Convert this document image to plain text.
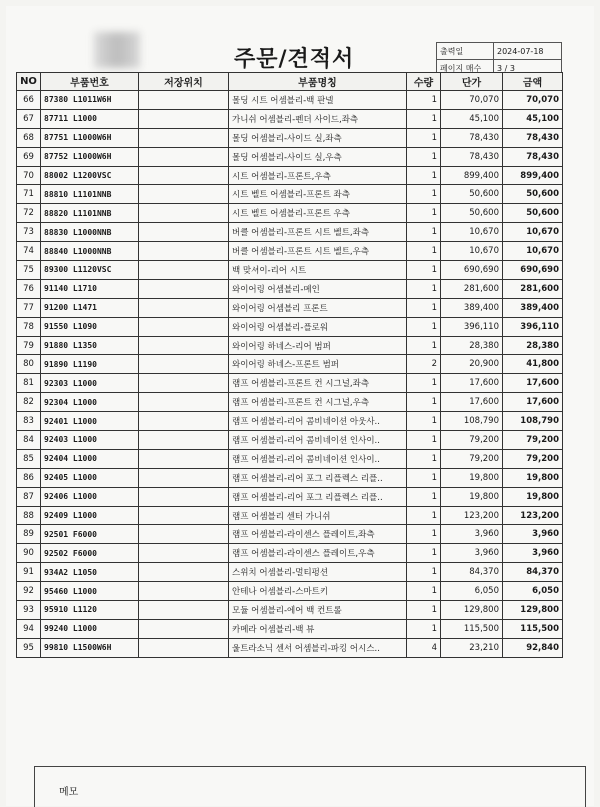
주문/견적서	출력일	2024-07-18
페이지 매수	3 / 3
NO	부품번호	저장위치	부품명칭	수량	단가	금액
66	87380 L1011W6H		몰딩 시트 어셈블리-백 판넬	1	70,070	70,070
67	87711 L1000		가니쉬 어셈블리-펜더 사이드,좌측	1	45,100	45,100
68	87751 L1000W6H		몰딩 어셈블리-사이드 실,좌측	1	78,430	78,430
69	87752 L1000W6H		몰딩 어셈블리-사이드 실,우측	1	78,430	78,430
70	88002 L1200VSC		시트 어셈블리-프론트,우측	1	899,400	899,400
71	88810 L1101NNB		시트 벨트 어셈블리-프론트 좌측	1	50,600	50,600
72	88820 L1101NNB		시트 벨트 어셈블리-프론트 우측	1	50,600	50,600
73	88830 L1000NNB		버클 어셈블리-프론트 시트 벨트,좌측	1	10,670	10,670
74	88840 L1000NNB		버클 어셈블리-프론트 시트 벨트,우측	1	10,670	10,670
75	89300 L1120VSC		백 맞셔이-리어 시트	1	690,690	690,690
76	91140 L1710		와이어링 어셈블리-메인	1	281,600	281,600
77	91200 L1471		와이어링 어셈블리 프론트	1	389,400	389,400
78	91550 L1090		와이어링 어셈블리-플로워	1	396,110	396,110
79	91880 L1350		와이어링 하네스-리어 범퍼	1	28,380	28,380
80	91890 L1190		와이어링 하네스-프론트 범퍼	2	20,900	41,800
81	92303 L1000		램프 어셈블리-프론트 컨 시그널,좌측	1	17,600	17,600
82	92304 L1000		램프 어셈블리-프론트 컨 시그널,우측	1	17,600	17,600
83	92401 L1000		램프 어셈블리-리어 콤비네이션 아웃사..	1	108,790	108,790
84	92403 L1000		램프 어셈블리-리어 콤비네이션 인사이..	1	79,200	79,200
85	92404 L1000		램프 어셈블리-리어 콤비네이션 인사이..	1	79,200	79,200
86	92405 L1000		램프 어셈블리-리어 포그 리플렉스 리플..	1	19,800	19,800
87	92406 L1000		램프 어셈블리-리어 포그 리플렉스 리플..	1	19,800	19,800
88	92409 L1000		램프 어셈블리 센터 가니쉬	1	123,200	123,200
89	92501 F6000		램프 어셈블리-라이센스 플레이트,좌측	1	3,960	3,960
90	92502 F6000		램프 어셈블리-라이센스 플레이트,우측	1	3,960	3,960
91	934A2 L1050		스위치 어셈블리-멀티펑션	1	84,370	84,370
92	95460 L1000		안테나 어셈블리-스마트키	1	6,050	6,050
93	95910 L1120		모듈 어셈블리-에어 백 컨트롤	1	129,800	129,800
94	99240 L1000		카메라 어셈블리-백 뷰	1	115,500	115,500
95	99810 L1500W6H		울트라소닉 센서 어셈블리-파킹 어시스..	4	23,210	92,840
메모
